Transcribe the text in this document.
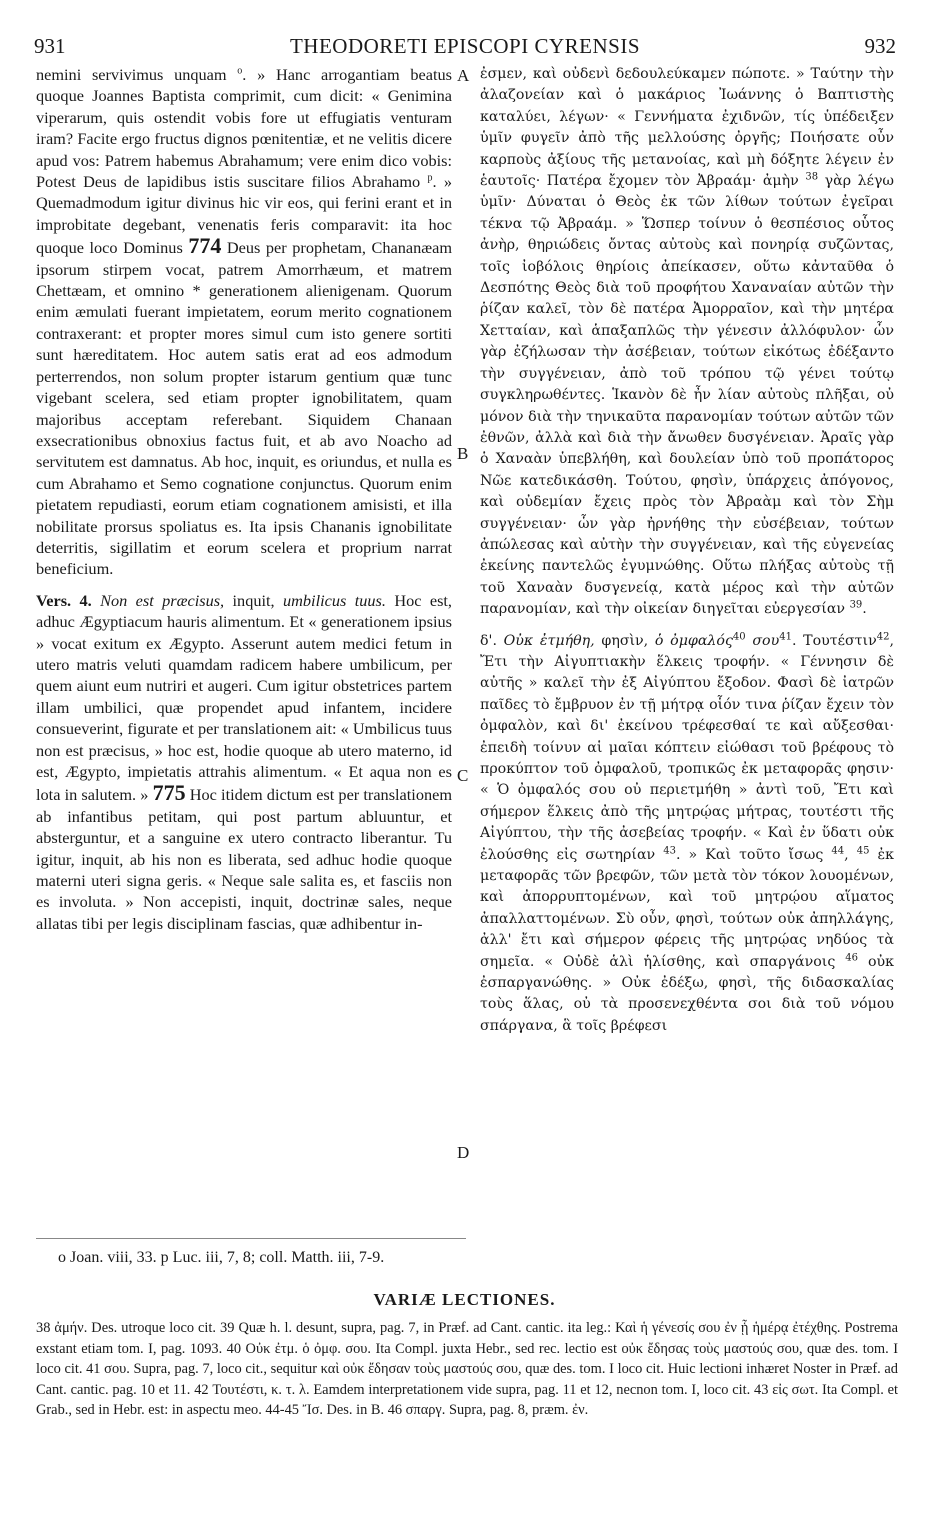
931	THEODORETI EPISCOPI CYRENSIS	932
A
B
C
D

nemini servivimus unquam $^o$. » Hanc arrogantiam beatus quoque Joannes Baptista comprimit, cum dicit: « Genimina viperarum, quis ostendit vobis fore ut effugiatis venturam iram? Facite ergo fructus dignos pœnitentiæ, et ne velitis dicere apud vos: Patrem habemus Abrahamum; vere enim dico vobis: Potest Deus de lapidibus istis suscitare filios Abrahamo $^p$. » Quemadmodum igitur divinus hic vir eos, qui ferini erant et in improbitate degebant, venenatis feris comparavit: ita hoc quoque loco Dominus 774 Deus per prophetam, Chananæam ipsorum stirpem vocat, patrem Amorrhæum, et matrem Chettæam, et omnino * generationem alienigenam. Quorum enim æmulati fuerant impietatem, eorum merito cognationem contraxerant: et propter mores simul cum isto genere sortiti sunt hæreditatem. Hoc autem satis erat ad eos admodum perterrendos, non solum propter istarum gentium quæ tunc vigebant scelera, sed etiam propter ignobilitatem, quam majoribus acceptam referebant. Siquidem Chanaan exsecrationibus obnoxius factus fuit, et ab avo Noacho ad servitutem est damnatus. Ab hoc, inquit, es oriundus, et nulla es cum Abrahamo et Semo cognatione conjunctus. Quorum enim pietatem repudiasti, eorum etiam cognationem amisisti, et illa nobilitate prorsus spoliatus es. Ita ipsis Chananis ignobilitate deterritis, sigillatim et eorum scelera et proprium narrat beneficium.

Vers. 4. Non est præcisus, inquit, umbilicus tuus. Hoc est, adhuc Ægyptiacum hauris alimentum. Et « generationem ipsius » vocat exitum ex Ægypto. Asserunt autem medici fetum in utero matris veluti quamdam radicem habere umbilicum, per quem aiunt eum nutriri et augeri. Cum igitur obstetrices partem illam umbilici, quæ propendet apud infantem, incidere consueverint, figurate et per translationem ait: « Umbilicus tuus non est præcisus, » hoc est, hodie quoque ab utero materno, id est, Ægypto, impietatis attrahis alimentum. « Et aqua non es lota in salutem. » 775 Hoc itidem dictum est per translationem ab infantibus petitam, qui post partum abluuntur, et absterguntur, et a sanguine ex utero contracto liberantur. Tu igitur, inquit, ab his non es liberata, sed adhuc hodie quoque materni uteri signa geris. « Neque sale salita es, et fasciis non es involuta. » Non accepisti, inquit, doctrinæ sales, neque allatas tibi per legis disciplinam fascias, quæ adhibentur in-

ἐσμεν, καὶ οὐδενὶ δεδουλεύκαμεν πώποτε. » Ταύτην τὴν ἀλαζονείαν καὶ ὁ μακάριος Ἰωάννης ὁ Βαπτιστὴς καταλύει, λέγων· « Γεννήματα ἐχιδνῶν, τίς ὑπέδειξεν ὑμῖν φυγεῖν ἀπὸ τῆς μελλούσης ὀργῆς; Ποιήσατε οὖν καρποὺς ἀξίους τῆς μετανοίας, καὶ μὴ δόξητε λέγειν ἐν ἑαυτοῖς· Πατέρα ἔχομεν τὸν Ἀβραάμ· ἀμὴν $^{38}$ γὰρ λέγω ὑμῖν· Δύναται ὁ Θεὸς ἐκ τῶν λίθων τούτων ἐγεῖραι τέκνα τῷ Ἀβραάμ. » Ὥσπερ τοίνυν ὁ θεσπέσιος οὗτος ἀνὴρ, θηριώδεις ὄντας αὐτοὺς καὶ πονηρίᾳ συζῶντας, τοῖς ἰοβόλοις θηρίοις ἀπείκασεν, οὕτω κἀνταῦθα ὁ Δεσπότης Θεὸς διὰ τοῦ προφήτου Χαναναίαν αὐτῶν τὴν ῥίζαν καλεῖ, τὸν δὲ πατέρα Ἀμορραῖον, καὶ τὴν μητέρα Χετταίαν, καὶ ἁπαξαπλῶς τὴν γένεσιν ἀλλόφυλον· ὧν γὰρ ἐζήλωσαν τὴν ἀσέβειαν, τούτων εἰκότως ἐδέξαντο τὴν συγγένειαν, ἀπὸ τοῦ τρόπου τῷ γένει τούτῳ συγκληρωθέντες. Ἱκανὸν δὲ ἦν λίαν αὐτοὺς πλῆξαι, οὐ μόνον διὰ τὴν τηνικαῦτα παρανομίαν τούτων αὐτῶν τῶν ἐθνῶν, ἀλλὰ καὶ διὰ τὴν ἄνωθεν δυσγένειαν. Ἀραῖς γὰρ ὁ Χαναὰν ὑπεβλήθη, καὶ δουλείαν ὑπὸ τοῦ προπάτορος Νῶε κατεδικάσθη. Τούτου, φησὶν, ὑπάρχεις ἀπόγονος, καὶ οὐδεμίαν ἔχεις πρὸς τὸν Ἀβραὰμ καὶ τὸν Σὴμ συγγένειαν· ὧν γὰρ ἠρνήθης τὴν εὐσέβειαν, τούτων ἀπώλεσας καὶ αὐτὴν τὴν συγγένειαν, καὶ τῆς εὐγενείας ἐκείνης παντελῶς ἐγυμνώθης. Οὕτω πλήξας αὐτοὺς τῇ τοῦ Χαναὰν δυσγενείᾳ, κατὰ μέρος καὶ τὴν αὐτῶν παρανομίαν, καὶ τὴν οἰκείαν διηγεῖται εὐεργεσίαν $^{39}$.

δ'. Οὐκ ἐτμήθη, φησὶν, ὁ ὀμφαλός$^{40}$ σου$^{41}$. Τουτέστιν$^{42}$, Ἔτι τὴν Αἰγυπτιακὴν ἕλκεις τροφήν. « Γέννησιν δὲ αὐτῆς » καλεῖ τὴν ἐξ Αἰγύπτου ἔξοδον. Φασὶ δὲ ἰατρῶν παῖδες τὸ ἔμβρυον ἐν τῇ μήτρᾳ οἷόν τινα ῥίζαν ἔχειν τὸν ὀμφαλὸν, καὶ δι' ἐκείνου τρέφεσθαί τε καὶ αὔξεσθαι· ἐπειδὴ τοίνυν αἱ μαῖαι κόπτειν εἰώθασι τοῦ βρέφους τὸ προκύπτον τοῦ ὀμφαλοῦ, τροπικῶς ἐκ μεταφορᾶς φησιν· « Ὁ ὀμφαλός σου οὐ περιετμήθη » ἀντὶ τοῦ, Ἔτι καὶ σήμερον ἕλκεις ἀπὸ τῆς μητρῴας μήτρας, τουτέστι τῆς Αἰγύπτου, τὴν τῆς ἀσεβείας τροφήν. « Καὶ ἐν ὕδατι οὐκ ἐλούσθης εἰς σωτηρίαν $^{43}$. » Καὶ τοῦτο ἴσως $^{44}$, $^{45}$ ἐκ μεταφορᾶς τῶν βρεφῶν, τῶν μετὰ τὸν τόκον λουομένων, καὶ ἀπορρυπτομένων, καὶ τοῦ μητρῴου αἵματος ἀπαλλαττομένων. Σὺ οὖν, φησὶ, τούτων οὐκ ἀπηλλάγης, ἀλλ' ἔτι καὶ σήμερον φέρεις τῆς μητρῴας νηδύος τὰ σημεῖα. « Οὐδὲ ἁλὶ ἡλίσθης, καὶ σπαργάνοις $^{46}$ οὐκ ἐσπαργανώθης. » Οὐκ ἐδέξω, φησὶ, τῆς διδασκαλίας τοὺς ἅλας, οὐ τὰ προσενεχθέντα σοι διὰ τοῦ νόμου σπάργανα, ἃ τοῖς βρέφεσι

o Joan. viii, 33. p Luc. iii, 7, 8; coll. Matth. iii, 7-9.
VARIÆ LECTIONES.

38 ἀμήν. Des. utroque loco cit. 39 Quæ h. l. desunt, supra, pag. 7, in Præf. ad Cant. cantic. ita leg.: Καὶ ἡ γένεσίς σου ἐν ᾗ ἡμέρᾳ ἐτέχθης. Postrema exstant etiam tom. I, pag. 1093. 40 Οὐκ ἐτμ. ὁ ὀμφ. σου. Ita Compl. juxta Hebr., sed rec. lectio est οὐκ ἔδησας τοὺς μαστούς σου, quæ des. tom. I loco cit. 41 σου. Supra, pag. 7, loco cit., sequitur καὶ οὐκ ἔδησαν τοὺς μαστούς σου, quæ des. tom. I loco cit. Huic lectioni inhæret Noster in Præf. ad Cant. cantic. pag. 10 et 11. 42 Τουτέστι, κ. τ. λ. Eamdem interpretationem vide supra, pag. 11 et 12, necnon tom. I, loco cit. 43 εἰς σωτ. Ita Compl. et Grab., sed in Hebr. est: in aspectu meo. 44-45 Ἴσ. Des. in B. 46 σπαργ. Supra, pag. 8, præm. ἐν.
